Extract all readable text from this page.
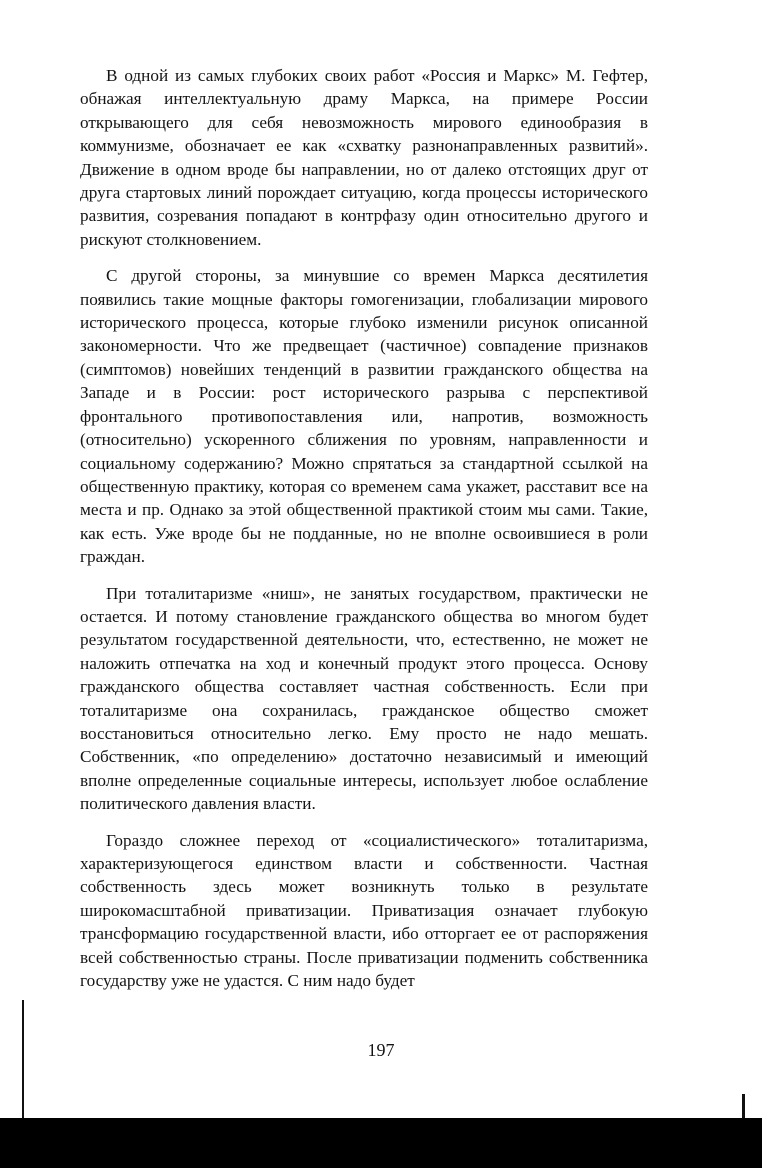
В одной из самых глубоких своих работ «Россия и Маркс» М. Гефтер, обнажая интеллектуальную драму Маркса, на примере России открывающего для себя невозможность мирового единообразия в коммунизме, обозначает ее как «схватку разнонаправленных развитий». Движение в одном вроде бы направлении, но от далеко отстоящих друг от друга стартовых линий порождает ситуацию, когда процессы исторического развития, созревания попадают в контрфазу один относительно другого и рискуют столкновением.

С другой стороны, за минувшие со времен Маркса десятилетия появились такие мощные факторы гомогенизации, глобализации мирового исторического процесса, которые глубоко изменили рисунок описанной закономерности. Что же предвещает (частичное) совпадение признаков (симптомов) новейших тенденций в развитии гражданского общества на Западе и в России: рост исторического разрыва с перспективой фронтального противопоставления или, напротив, возможность (относительно) ускоренного сближения по уровням, направленности и социальному содержанию? Можно спрятаться за стандартной ссылкой на общественную практику, которая со временем сама укажет, расставит все на места и пр. Однако за этой общественной практикой стоим мы сами. Такие, как есть. Уже вроде бы не подданные, но не вполне освоившиеся в роли граждан.

При тоталитаризме «ниш», не занятых государством, практически не остается. И потому становление гражданского общества во многом будет результатом государственной деятельности, что, естественно, не может не наложить отпечатка на ход и конечный продукт этого процесса. Основу гражданского общества составляет частная собственность. Если при тоталитаризме она сохранилась, гражданское общество сможет восстановиться относительно легко. Ему просто не надо мешать. Собственник, «по определению» достаточно независимый и имеющий вполне определенные социальные интересы, использует любое ослабление политического давления власти.

Гораздо сложнее переход от «социалистического» тоталитаризма, характеризующегося единством власти и собственности. Частная собственность здесь может возникнуть только в результате широкомасштабной приватизации. Приватизация означает глубокую трансформацию государственной власти, ибо отторгает ее от распоряжения всей собственностью страны. После приватизации подменить собственника государству уже не удастся. С ним надо будет

197
